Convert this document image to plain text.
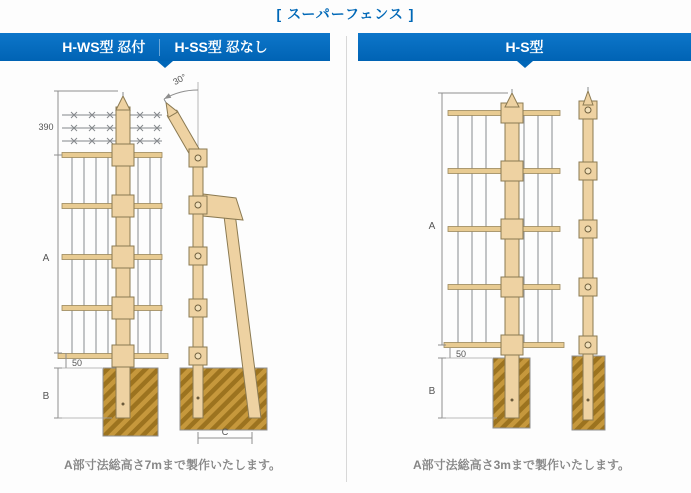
[ スーパーフェンス ]
H-WS型 忍付 H-SS型 忍なし	H-S型
390
A
50
B
30°
C
A
50
B
A部寸法総高さ7mまで製作いたします。	A部寸法総高さ3mまで製作いたします。
